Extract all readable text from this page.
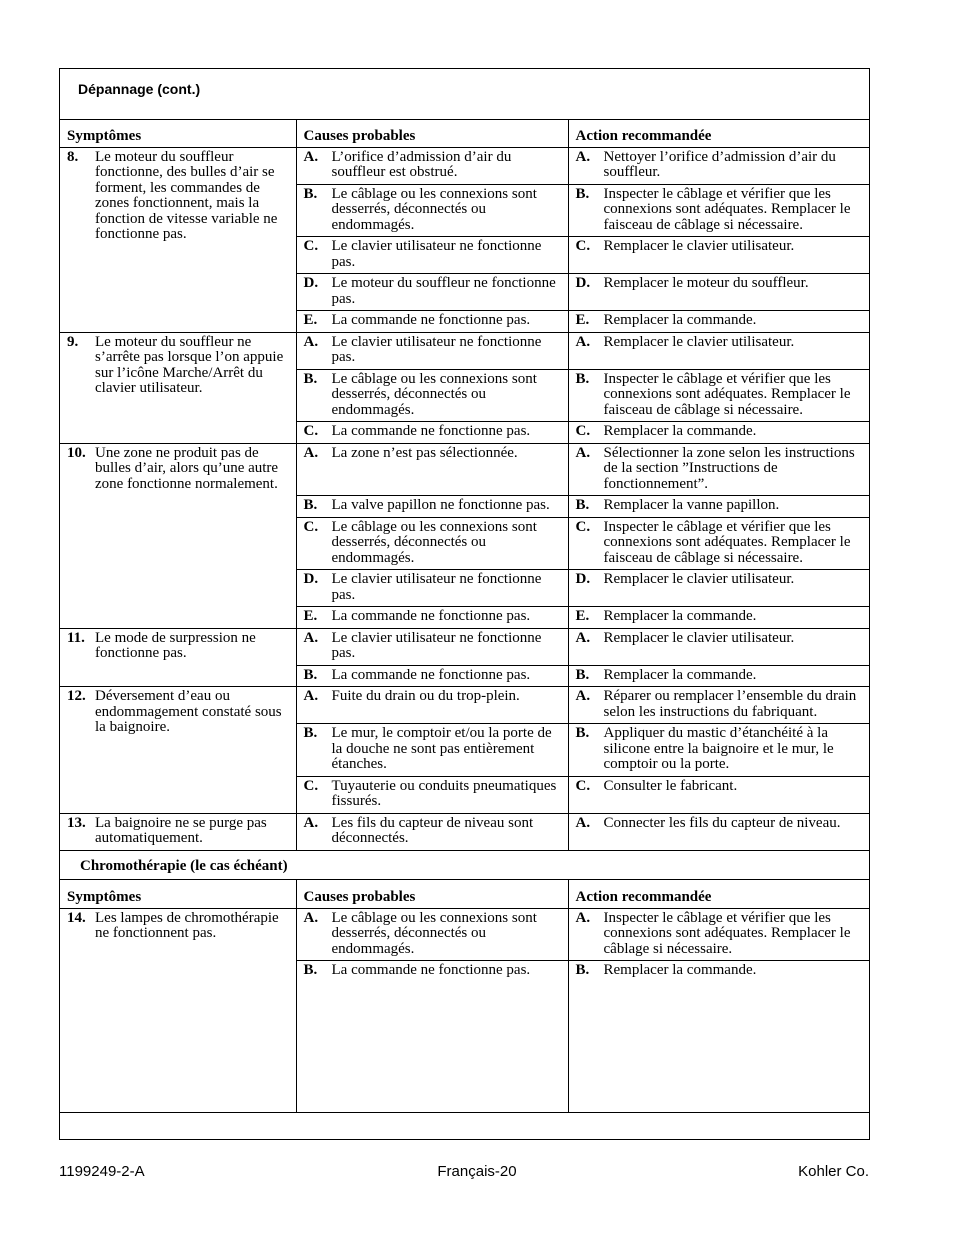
Dépannage (cont.)
Symptômes	Causes probables	Action recommandée

8. Le moteur du souffleur fonctionne, des bulles d’air se forment, les commandes de zones fonctionnent, mais la fonction de vitesse variable ne fonctionne pas.	A. L’orifice d’admission d’air du souffleur est obstrué.	A. Nettoyer l’orifice d’admission d’air du souffleur.

	B. Le câblage ou les connexions sont desserrés, déconnectés ou endommagés.	B. Inspecter le câblage et vérifier que les connexions sont adéquates. Remplacer le faisceau de câblage si nécessaire.

	C. Le clavier utilisateur ne fonctionne pas.	C. Remplacer le clavier utilisateur.

	D. Le moteur du souffleur ne fonctionne pas.	D. Remplacer le moteur du souffleur.

	E. La commande ne fonctionne pas.	E. Remplacer la commande.

9. Le moteur du souffleur ne s’arrête pas lorsque l’on appuie sur l’icône Marche/Arrêt du clavier utilisateur.	A. Le clavier utilisateur ne fonctionne pas.	A. Remplacer le clavier utilisateur.

	B. Le câblage ou les connexions sont desserrés, déconnectés ou endommagés.	B. Inspecter le câblage et vérifier que les connexions sont adéquates. Remplacer le faisceau de câblage si nécessaire.

	C. La commande ne fonctionne pas.	C. Remplacer la commande.

10. Une zone ne produit pas de bulles d’air, alors qu’une autre zone fonctionne normalement.	A. La zone n’est pas sélectionnée.	A. Sélectionner la zone selon les instructions de la section ”Instructions de fonctionnement”.

	B. La valve papillon ne fonctionne pas.	B. Remplacer la vanne papillon.

	C. Le câblage ou les connexions sont desserrés, déconnectés ou endommagés.	C. Inspecter le câblage et vérifier que les connexions sont adéquates. Remplacer le faisceau de câblage si nécessaire.

	D. Le clavier utilisateur ne fonctionne pas.	D. Remplacer le clavier utilisateur.

	E. La commande ne fonctionne pas.	E. Remplacer la commande.

11. Le mode de surpression ne fonctionne pas.	A. Le clavier utilisateur ne fonctionne pas.	A. Remplacer le clavier utilisateur.

	B. La commande ne fonctionne pas.	B. Remplacer la commande.

12. Déversement d’eau ou endommagement constaté sous la baignoire.	A. Fuite du drain ou du trop-plein.	A. Réparer ou remplacer l’ensemble du drain selon les instructions du fabriquant.

	B. Le mur, le comptoir et/ou la porte de la douche ne sont pas entièrement étanches.	B. Appliquer du mastic d’étanchéité à la silicone entre la baignoire et le mur, le comptoir ou la porte.

	C. Tuyauterie ou conduits pneumatiques fissurés.	C. Consulter le fabricant.

13. La baignoire ne se purge pas automatiquement.	A. Les fils du capteur de niveau sont déconnectés.	A. Connecter les fils du capteur de niveau.
Chromothérapie (le cas échéant)
Symptômes	Causes probables	Action recommandée

14. Les lampes de chromothérapie ne fonctionnent pas.	A. Le câblage ou les connexions sont desserrés, déconnectés ou endommagés.	A. Inspecter le câblage et vérifier que les connexions sont adéquates. Remplacer le câblage si nécessaire.

	B. La commande ne fonctionne pas.	B. Remplacer la commande.
1199249-2-A	Français-20	Kohler Co.
